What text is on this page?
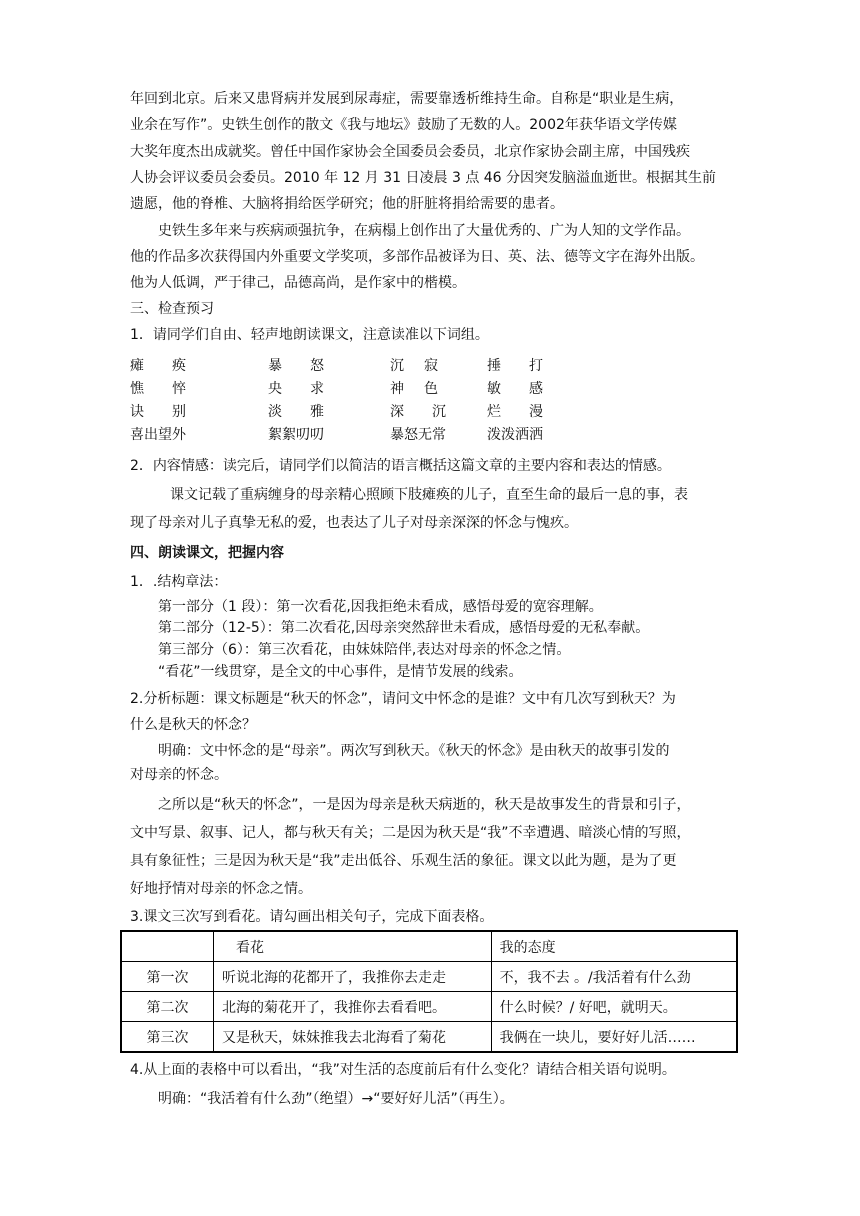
年回到北京。后来又患肾病并发展到尿毒症，需要靠透析维持生命。自称是“职业是生病，
业余在写作”。史铁生创作的散文《我与地坛》鼓励了无数的人。2002年获华语文学传媒
大奖年度杰出成就奖。曾任中国作家协会全国委员会委员，北京作家协会副主席，中国残疾
人协会评议委员会委员。2010 年 12 月 31 日凌晨 3 点 46 分因突发脑溢血逝世。根据其生前
遗愿，他的脊椎、大脑将捐给医学研究；他的肝脏将捐给需要的患者。
史铁生多年来与疾病顽强抗争，在病榻上创作出了大量优秀的、广为人知的文学作品。
他的作品多次获得国内外重要文学奖项，多部作品被译为日、英、法、德等文字在海外出版。
他为人低调，严于律己，品德高尚，是作家中的楷模。
三、检查预习
1．请同学们自由、轻声地朗读课文，注意读准以下词组。
瘫痪	暴怒	沉寂 捶打
憔悴	央求	神色 敏感
诀别	淡雅	深沉 烂漫
喜出望外	絮絮叨叨	暴怒无常	泼泼洒洒
2．内容情感：读完后，请同学们以简洁的语言概括这篇文章的主要内容和表达的情感。
课文记载了重病缠身的母亲精心照顾下肢瘫痪的儿子，直至生命的最后一息的事，表
现了母亲对儿子真挚无私的爱，也表达了儿子对母亲深深的怀念与愧疚。
四、朗读课文，把握内容
1．.结构章法：
第一部分（1 段）：第一次看花,因我拒绝未看成，感悟母爱的宽容理解。
第二部分（12-5）：第二次看花,因母亲突然辞世未看成，感悟母爱的无私奉献。
第三部分（6）：第三次看花，由妹妹陪伴,表达对母亲的怀念之情。
“看花”一线贯穿，是全文的中心事件，是情节发展的线索。
2.分析标题：课文标题是“秋天的怀念”，请问文中怀念的是谁？文中有几次写到秋天？为
什么是秋天的怀念？
明确：文中怀念的是“母亲”。两次写到秋天。《秋天的怀念》是由秋天的故事引发的
对母亲的怀念。
之所以是“秋天的怀念”，一是因为母亲是秋天病逝的，秋天是故事发生的背景和引子，
文中写景、叙事、记人，都与秋天有关；二是因为秋天是“我”不幸遭遇、暗淡心情的写照，
具有象征性；三是因为秋天是“我”走出低谷、乐观生活的象征。课文以此为题，是为了更
好地抒情对母亲的怀念之情。
3.课文三次写到看花。请勾画出相关句子，完成下面表格。
	看花	我的态度
第一次	听说北海的花都开了，我推你去走走	不，我不去 。/我活着有什么劲
第二次	北海的菊花开了，我推你去看看吧。	什么时候？/ 好吧，就明天。
第三次	又是秋天，妹妹推我去北海看了菊花	我俩在一块儿，要好好儿活……
4.从上面的表格中可以看出，“我”对生活的态度前后有什么变化？请结合相关语句说明。
明确：“我活着有什么劲”（绝望）→“要好好儿活”（再生）。
